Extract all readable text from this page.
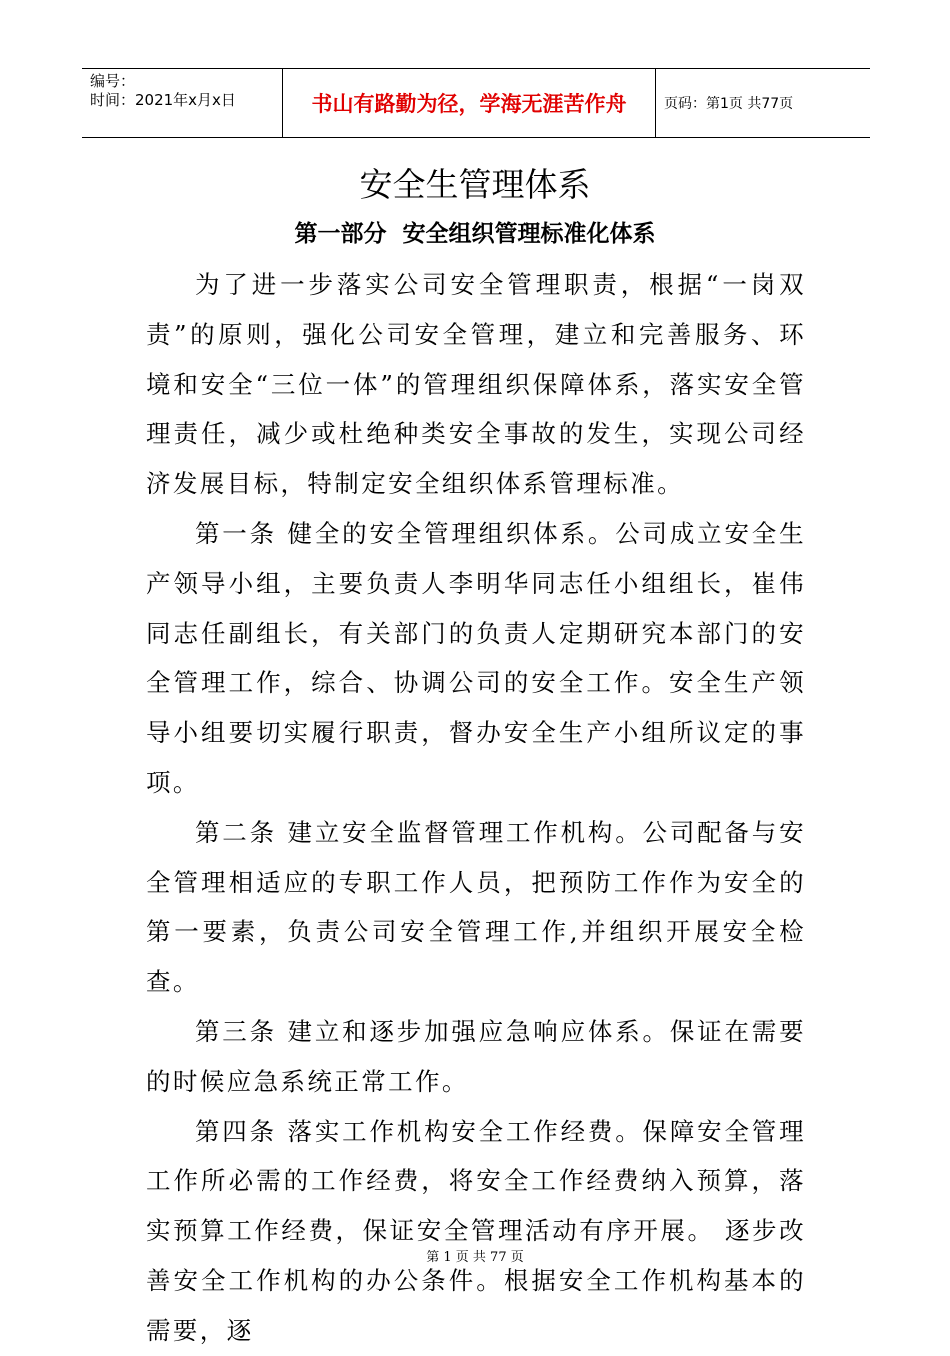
编号：
时间：2021年x月x日	书山有路勤为径，学海无涯苦作舟	页码：第1页 共77页
安全生管理体系
第一部分 安全组织管理标准化体系

为了进一步落实公司安全管理职责，根据“一岗双责”的原则，强化公司安全管理，建立和完善服务、环境和安全“三位一体”的管理组织保障体系，落实安全管理责任，减少或杜绝种类安全事故的发生，实现公司经济发展目标，特制定安全组织体系管理标准。

第一条 健全的安全管理组织体系。公司成立安全生产领导小组，主要负责人李明华同志任小组组长，崔伟同志任副组长，有关部门的负责人定期研究本部门的安全管理工作，综合、协调公司的安全工作。安全生产领导小组要切实履行职责，督办安全生产小组所议定的事项。

第二条 建立安全监督管理工作机构。公司配备与安全管理相适应的专职工作人员，把预防工作作为安全的第一要素，负责公司安全管理工作,并组织开展安全检查。

第三条 建立和逐步加强应急响应体系。保证在需要的时候应急系统正常工作。

第四条 落实工作机构安全工作经费。保障安全管理工作所必需的工作经费，将安全工作经费纳入预算，落实预算工作经费，保证安全管理活动有序开展。 逐步改善安全工作机构的办公条件。根据安全工作机构基本的需要，逐

第 1 页 共 77 页
